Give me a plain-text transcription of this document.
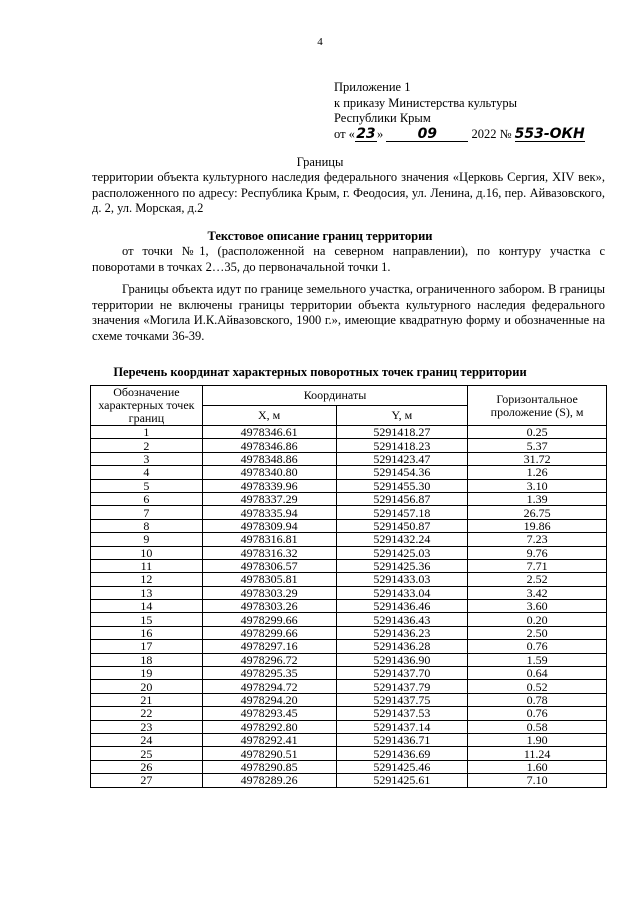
4
Приложение 1
к приказу Министерства культуры
Республики Крым
от «23» 09	2022 № 553-ОКН
Границы
территории объекта культурного наследия федерального значения «Церковь Сергия, XIV век», расположенного по адресу: Республика Крым, г. Феодосия, ул. Ленина, д.16, пер. Айвазовского, д. 2, ул. Морская, д.2
Текстовое описание границ территории
от точки №1, (расположенной на северном направлении), по контуру участка с поворотами в точках 2…35, до первоначальной точки 1.
Границы объекта идут по границе земельного участка, ограниченного забором. В границы территории не включены границы территории объекта культурного наследия федерального значения «Могила И.К.Айвазовского, 1900 г.», имеющие квадратную форму и обозначенные на схеме точками 36-39.
Перечень координат характерных поворотных точек границ территории
Обозначение характерных точек границ	Координаты		Горизонтальное проложение (S), м
	X, м	Y, м	
1	4978346.61	5291418.27	0.25
2	4978346.86	5291418.23	5.37
3	4978348.86	5291423.47	31.72
4	4978340.80	5291454.36	1.26
5	4978339.96	5291455.30	3.10
6	4978337.29	5291456.87	1.39
7	4978335.94	5291457.18	26.75
8	4978309.94	5291450.87	19.86
9	4978316.81	5291432.24	7.23
10	4978316.32	5291425.03	9.76
11	4978306.57	5291425.36	7.71
12	4978305.81	5291433.03	2.52
13	4978303.29	5291433.04	3.42
14	4978303.26	5291436.46	3.60
15	4978299.66	5291436.43	0.20
16	4978299.66	5291436.23	2.50
17	4978297.16	5291436.28	0.76
18	4978296.72	5291436.90	1.59
19	4978295.35	5291437.70	0.64
20	4978294.72	5291437.79	0.52
21	4978294.20	5291437.75	0.78
22	4978293.45	5291437.53	0.76
23	4978292.80	5291437.14	0.58
24	4978292.41	5291436.71	1.90
25	4978290.51	5291436.69	11.24
26	4978290.85	5291425.46	1.60
27	4978289.26	5291425.61	7.10
